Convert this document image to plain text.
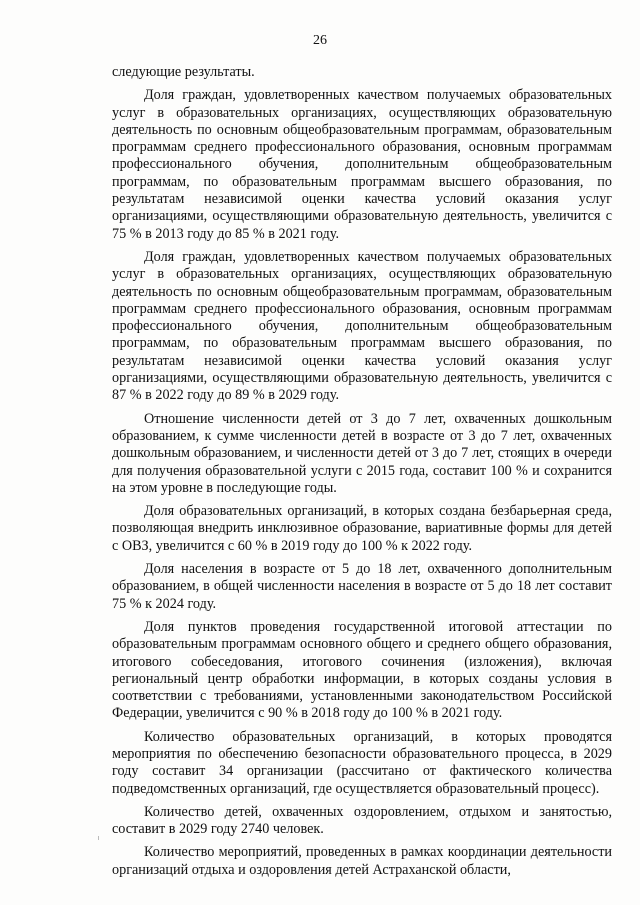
26

следующие результаты.

Доля граждан, удовлетворенных качеством получаемых образовательных услуг в образовательных организациях, осуществляющих образовательную деятельность по основным общеобразовательным программам, образовательным программам среднего профессионального образования, основным программам профессионального обучения, дополнительным общеобразовательным программам, по образовательным программам высшего образования, по результатам независимой оценки качества условий оказания услуг организациями, осуществляющими образовательную деятельность, увеличится с 75 % в 2013 году до 85 % в 2021 году.

Доля граждан, удовлетворенных качеством получаемых образовательных услуг в образовательных организациях, осуществляющих образовательную деятельность по основным общеобразовательным программам, образовательным программам среднего профессионального образования, основным программам профессионального обучения, дополнительным общеобразовательным программам, по образовательным программам высшего образования, по результатам независимой оценки качества условий оказания услуг организациями, осуществляющими образовательную деятельность, увеличится с 87 % в 2022 году до 89 % в 2029 году.

Отношение численности детей от 3 до 7 лет, охваченных дошкольным образованием, к сумме численности детей в возрасте от 3 до 7 лет, охваченных дошкольным образованием, и численности детей от 3 до 7 лет, стоящих в очереди для получения образовательной услуги с 2015 года, составит 100 % и сохранится на этом уровне в последующие годы.

Доля образовательных организаций, в которых создана безбарьерная среда, позволяющая внедрить инклюзивное образование, вариативные формы для детей с ОВЗ, увеличится с 60 % в 2019 году до 100 % к 2022 году.

Доля населения в возрасте от 5 до 18 лет, охваченного дополнительным образованием, в общей численности населения в возрасте от 5 до 18 лет составит 75 % к 2024 году.

Доля пунктов проведения государственной итоговой аттестации по образовательным программам основного общего и среднего общего образования, итогового собеседования, итогового сочинения (изложения), включая региональный центр обработки информации, в которых созданы условия в соответствии с требованиями, установленными законодательством Российской Федерации, увеличится с 90 % в 2018 году до 100 % в 2021 году.

Количество образовательных организаций, в которых проводятся мероприятия по обеспечению безопасности образовательного процесса, в 2029 году составит 34 организации (рассчитано от фактического количества подведомственных организаций, где осуществляется образовательный процесс).

Количество детей, охваченных оздоровлением, отдыхом и занятостью, составит в 2029 году 2740 человек.

Количество мероприятий, проведенных в рамках координации деятельности организаций отдыха и оздоровления детей Астраханской области,
